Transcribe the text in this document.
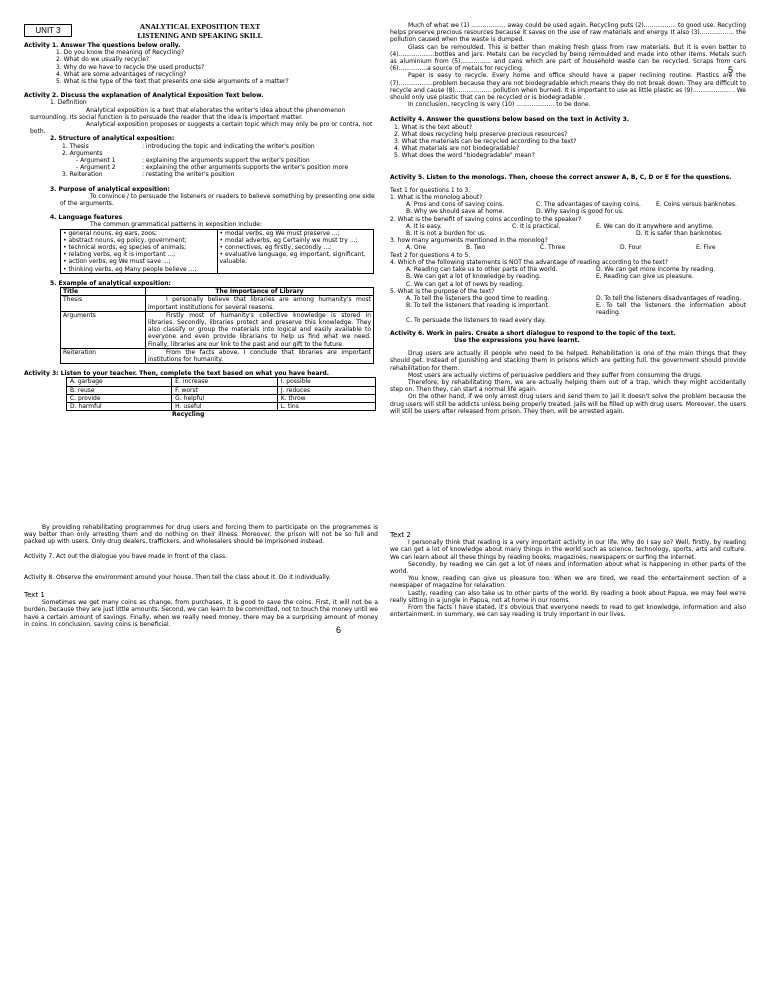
UNIT 3	ANALYTICAL EXPOSITION TEXT
LISTENING AND SPEAKING SKILL

Activity 1. Answer The questions below orally.

1. Do you know the meaning of Recycling?
2. What do we usually recycle?
3. Why do we have to recycle the used products?
4. What are some advantages of recycling?
5. What is the type of the text that presents one side arguments of a matter?

Activity 2. Discuss the explanation of Analytical Exposition Text below.

1. Definition

Analytical exposition is a text that elaborates the writer's idea about the phenomenon surrounding. Its social function is to persuade the reader that the idea is important matter.

Analytical exposition proposes or suggests a certain topic which may only be pro or contra, not both.

2. Structure of analytical exposition:
1. Thesis	: introducing the topic and indicating the writer's position
2. Arguments
- Argument 1	: explaining the arguments support the writer's position
- Argument 2	: explaining the other arguments supports the writer's position more
3. Reiteration	: restating the writer's position
3. Purpose of analytical exposition:

To convince / to persuade the listeners or readers to believe something by presenting one side of the arguments.

4. Language features
The common grammatical patterns in exposition include:
• general nouns, eg ears, zoos;
• abstract nouns, eg policy, government;
• technical words, eg species of animals;
• relating verbs, eg it is important ...;
• action verbs, eg We must save ...;
• thinking verbs, eg Many people believe ...;

• modal verbs, eg We must preserve ...;
• modal adverbs, eg Certainly we must try ...;
• connectives, eg firstly, secondly ...;
• evaluative language, eg important, significant, valuable.
5. Example of analytical exposition:
Title	The Importance of Library
Thesis	I personally believe that libraries are among humanity's most important institutions for several reasons.
Arguments	Firstly most of humanity's collective knowledge is stored in libraries. Secondly, libraries protect and preserve this knowledge. They also classify or group the materials into logical and easily available to everyone and even provide librarians to help us find what we need. Finally, libraries are our link to the past and our gift to the future.
Reiteration	From the facts above, I conclude that libraries are important institutions for humanity.

Activity 3: Listen to your teacher. Then, complete the text based on what you have heard.

A. garbage	E. increase	I. possible
B. reuse	F. worst	J. reduces
C. provide	G. helpful	K. throw
D. harmful	H. useful	L. tins
Recycling

Much of what we (1) .................. away could be used again. Recycling puts (2)................. to good use. Recycling helps preserve precious resources because it saves on the use of raw materials and energy. It also (3).................. the pollution caused when the waste is dumped.

Glass can be remoulded. This is better than making fresh glass from raw materials. But it is even better to (4)...................bottles and jars. Metals can be recycled by being remoulded and made into other items. Metals such as aluminium from (5)................ and cans which are part of household waste can be recycled. Scraps from cars (6)...............a source of metals for recycling.

Paper is easy to recycle. Every home and office should have a paper reclining routine. Plastics are the (7)..................problem because they are not biodegradable which means they do not break down. They are difficult to recycle and cause (8)................... pollution when burned. It is important to use as little plastic as (9).................... . We should only use plastic that can be recycled or is biodegradable .

In conclusion, recycling is very (10) .................... to be done.

Activity 4. Answer the questions below based on the text in Activity 3.

1. What is the text about?
2. What does recycling help preserve precious resources?
3. What the materials can be recycled according to the text?
4. What materials are not biodegradable?
5. What does the word "biodegradable" mean?

Activity 5. Listen to the monologs. Then, choose the correct answer A, B, C, D or E for the questions.

Text 1 for questions 1 to 3.
1. What is the monolog about?
A. Pros and cons of saving coins.	C. The advantages of saving coins.	E. Coins versus banknotes.
B. Why we should save at home.	D. Why saving is good for us.
2. What is the benefit of saving coins according to the speaker?
A. It is easy.	C. It is practical.	E. We can do it anywhere and anytime.
B. It is not a burden for us.	D. It is safer than banknotes.
3. how many arguments mentioned in the monolog?
A. One	B. Two	C. Three	D. Four	E. Five
Text 2 for questions 4 to 5.
4. Which of the following statements is NOT the advantage of reading according to the text?
A. Reading can take us to other parts of the world.	D. We can get more income by reading.
B. We can get a lot of knowledge by reading.	E. Reading can give us pleasure.
C. We can get a lot of news by reading.
5. What is the purpose of the text?
A. To tell the listeners the good time to reading.	D. To tell the listeners disadvantages of reading.
B. To tell the listeners that reading is important.	E. To tell the listeners the information about reading.
C. To persuade the listeners to read every day.

Activity 6. Work in pairs. Create a short dialogue to respond to the topic of the text.

Use the expressions you have learnt.

Drug users are actually ill people who need to be helped. Rehabilitation is one of the main things that they should get. Instead of punishing and stacking them in prisons which are getting full, the government should provide rehabilitation for them.

Most users are actually victims of persuasive peddlers and they suffer from consuming the drugs.

Therefore, by rehabilitating them, we are actually helping them out of a trap, which they might accidentally step on. Then they, can start a normal life again.

On the other hand, if we only arrest drug users and send them to jail it doesn't solve the problem because the drug users will still be addicts unless being properly treated. Jails will be filled up with drug users. Moreover, the users will still be users after released from prison. They then, will be arrested again.

5

By providing rehabilitating programmes for drug users and forcing them to participate on the programmes is way better than only arresting them and do nothing on their illness. Moreover, the prison will not be so full and packed up with users. Only drug dealers, traffickers, and wholesalers should be imprisoned instead.

Activity 7. Act out the dialogue you have made in front of the class.

Activity 8. Observe the environment around your house. Then tell the class about it. Do it individually.

Text 1

Sometimes we get many coins as change, from purchases. It is good to save the coins. First, it will not be a burden, because they are just little amounts. Second, we can learn to be committed, not to touch the money until we have a certain amount of savings. Finally, when we really need money, there may be a surprising amount of money in coins. In conclusion, saving coins is beneficial.

6
Text 2

I personally think that reading is a very important activity in our life. Why do I say so? Well, firstly, by reading we can get a lot of knowledge about many things in the world such as science, technology, sports, arts and culture. We can learn about all these things by reading books, magazines, newspapers or surfing the internet.

Secondly, by reading we can get a lot of news and information about what is happening in other parts of the world.

You know, reading can give us pleasure too. When we are tired, we read the entertainment section of a newspaper of magazine for relaxation.

Lastly, reading can also take us to other parts of the world. By reading a book about Papua, we may feel we're really sitting in a jungle in Papua, not at home in our rooms.

From the facts I have stated, it's obvious that everyone needs to read to get knowledge, information and also entertainment. In summary, we can say reading is truly important in our lives.
